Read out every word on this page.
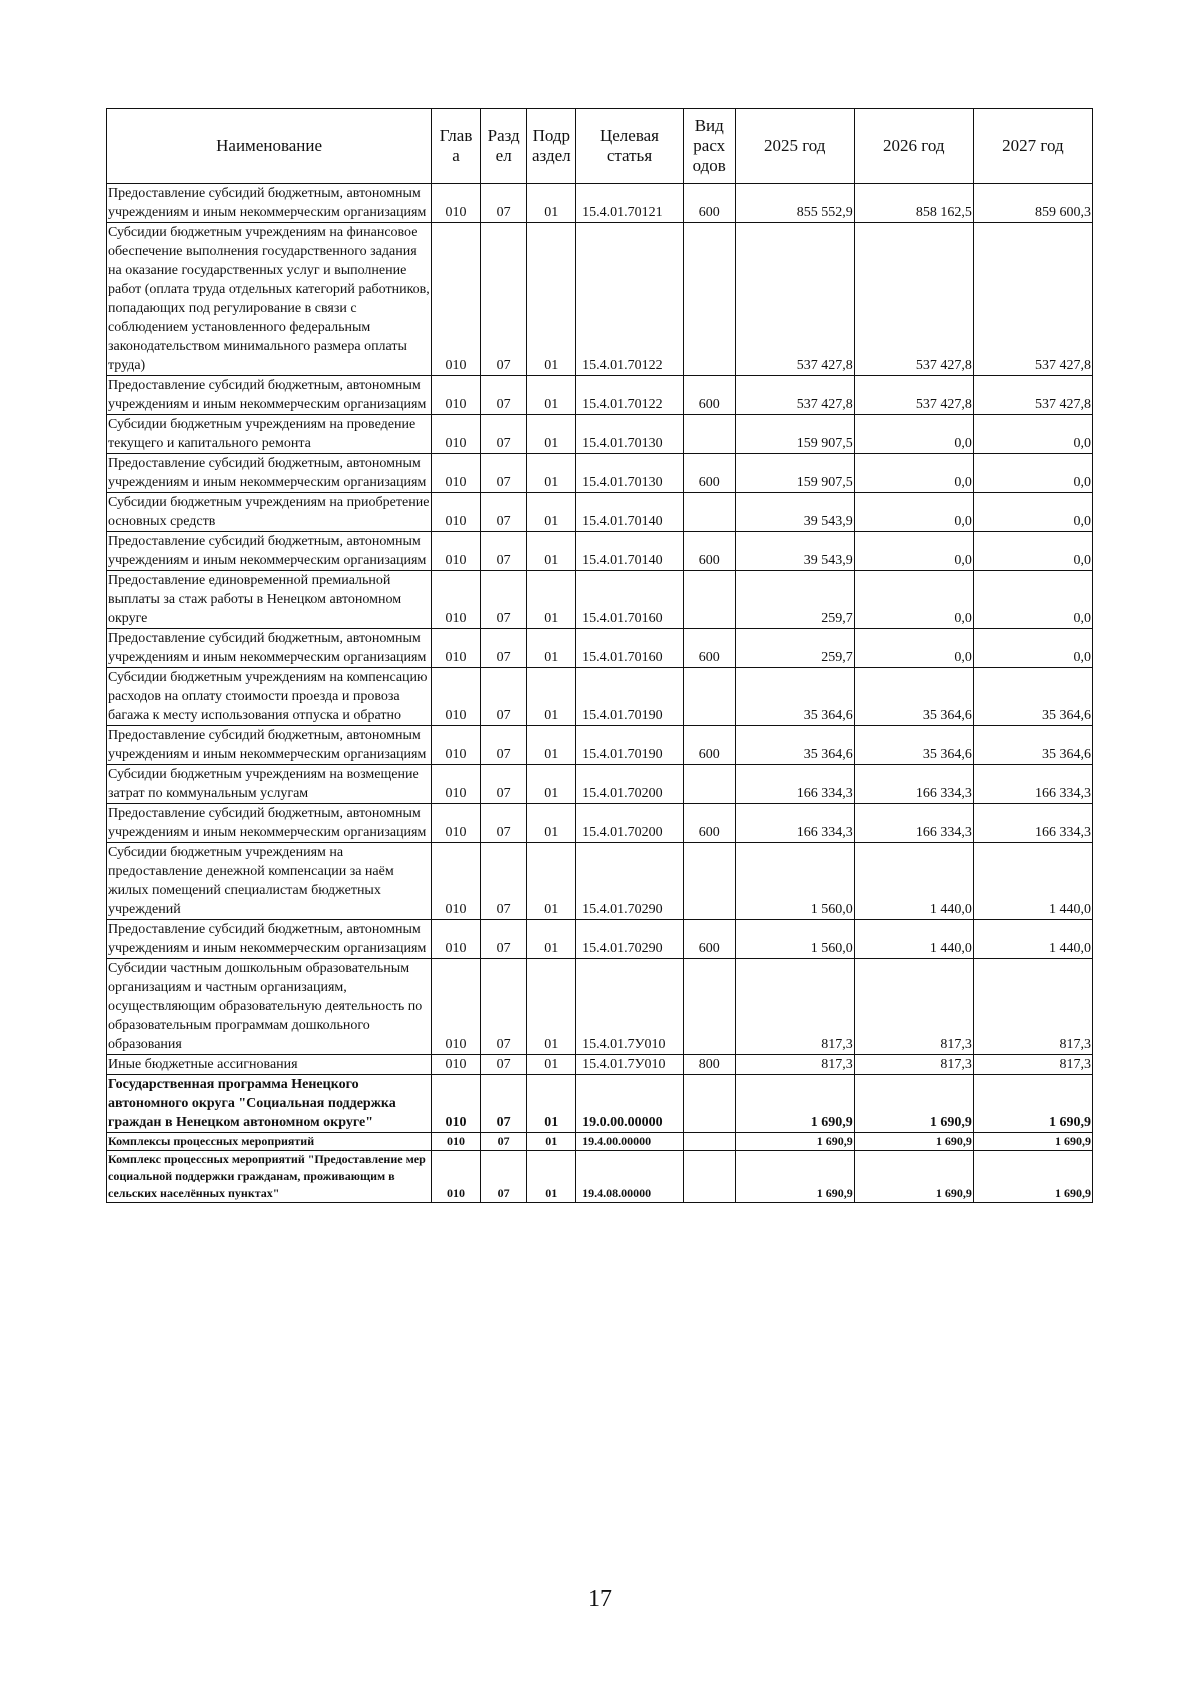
Наименование	Глав а	Разд ел	Подр аздел	Целевая статья	Вид расх одов	2025 год	2026 год	2027 год
Предоставление субсидий бюджетным, автономным учреждениям и иным некоммерческим организациям	010	07	01	15.4.01.70121	600	855 552,9	858 162,5	859 600,3
Субсидии бюджетным учреждениям на финансовое обеспечение выполнения государственного задания на оказание государственных услуг и выполнение работ (оплата труда отдельных категорий работников, попадающих под регулирование в связи с соблюдением установленного федеральным законодательством минимального размера оплаты труда)	010	07	01	15.4.01.70122		537 427,8	537 427,8	537 427,8
Предоставление субсидий бюджетным, автономным учреждениям и иным некоммерческим организациям	010	07	01	15.4.01.70122	600	537 427,8	537 427,8	537 427,8
Субсидии бюджетным учреждениям на проведение текущего и капитального ремонта	010	07	01	15.4.01.70130		159 907,5	0,0	0,0
Предоставление субсидий бюджетным, автономным учреждениям и иным некоммерческим организациям	010	07	01	15.4.01.70130	600	159 907,5	0,0	0,0
Субсидии бюджетным учреждениям на приобретение основных средств	010	07	01	15.4.01.70140		39 543,9	0,0	0,0
Предоставление субсидий бюджетным, автономным учреждениям и иным некоммерческим организациям	010	07	01	15.4.01.70140	600	39 543,9	0,0	0,0
Предоставление единовременной премиальной выплаты за стаж работы в Ненецком автономном округе	010	07	01	15.4.01.70160		259,7	0,0	0,0
Предоставление субсидий бюджетным, автономным учреждениям и иным некоммерческим организациям	010	07	01	15.4.01.70160	600	259,7	0,0	0,0
Субсидии бюджетным учреждениям на компенсацию расходов на оплату стоимости проезда и провоза багажа к месту использования отпуска и обратно	010	07	01	15.4.01.70190		35 364,6	35 364,6	35 364,6
Предоставление субсидий бюджетным, автономным учреждениям и иным некоммерческим организациям	010	07	01	15.4.01.70190	600	35 364,6	35 364,6	35 364,6
Субсидии бюджетным учреждениям на возмещение затрат по коммунальным услугам	010	07	01	15.4.01.70200		166 334,3	166 334,3	166 334,3
Предоставление субсидий бюджетным, автономным учреждениям и иным некоммерческим организациям	010	07	01	15.4.01.70200	600	166 334,3	166 334,3	166 334,3
Субсидии бюджетным учреждениям на предоставление денежной компенсации за наём жилых помещений специалистам бюджетных учреждений	010	07	01	15.4.01.70290		1 560,0	1 440,0	1 440,0
Предоставление субсидий бюджетным, автономным учреждениям и иным некоммерческим организациям	010	07	01	15.4.01.70290	600	1 560,0	1 440,0	1 440,0
Субсидии частным дошкольным образовательным организациям и частным организациям, осуществляющим образовательную деятельность по образовательным программам дошкольного образования	010	07	01	15.4.01.7У010		817,3	817,3	817,3
Иные бюджетные ассигнования	010	07	01	15.4.01.7У010	800	817,3	817,3	817,3
Государственная программа Ненецкого автономного округа "Социальная поддержка граждан в Ненецком автономном округе"	010	07	01	19.0.00.00000		1 690,9	1 690,9	1 690,9
Комплексы процессных мероприятий	010	07	01	19.4.00.00000		1 690,9	1 690,9	1 690,9
Комплекс процессных мероприятий "Предоставление мер социальной поддержки гражданам, проживающим в сельских населённых пунктах"	010	07	01	19.4.08.00000		1 690,9	1 690,9	1 690,9
17
